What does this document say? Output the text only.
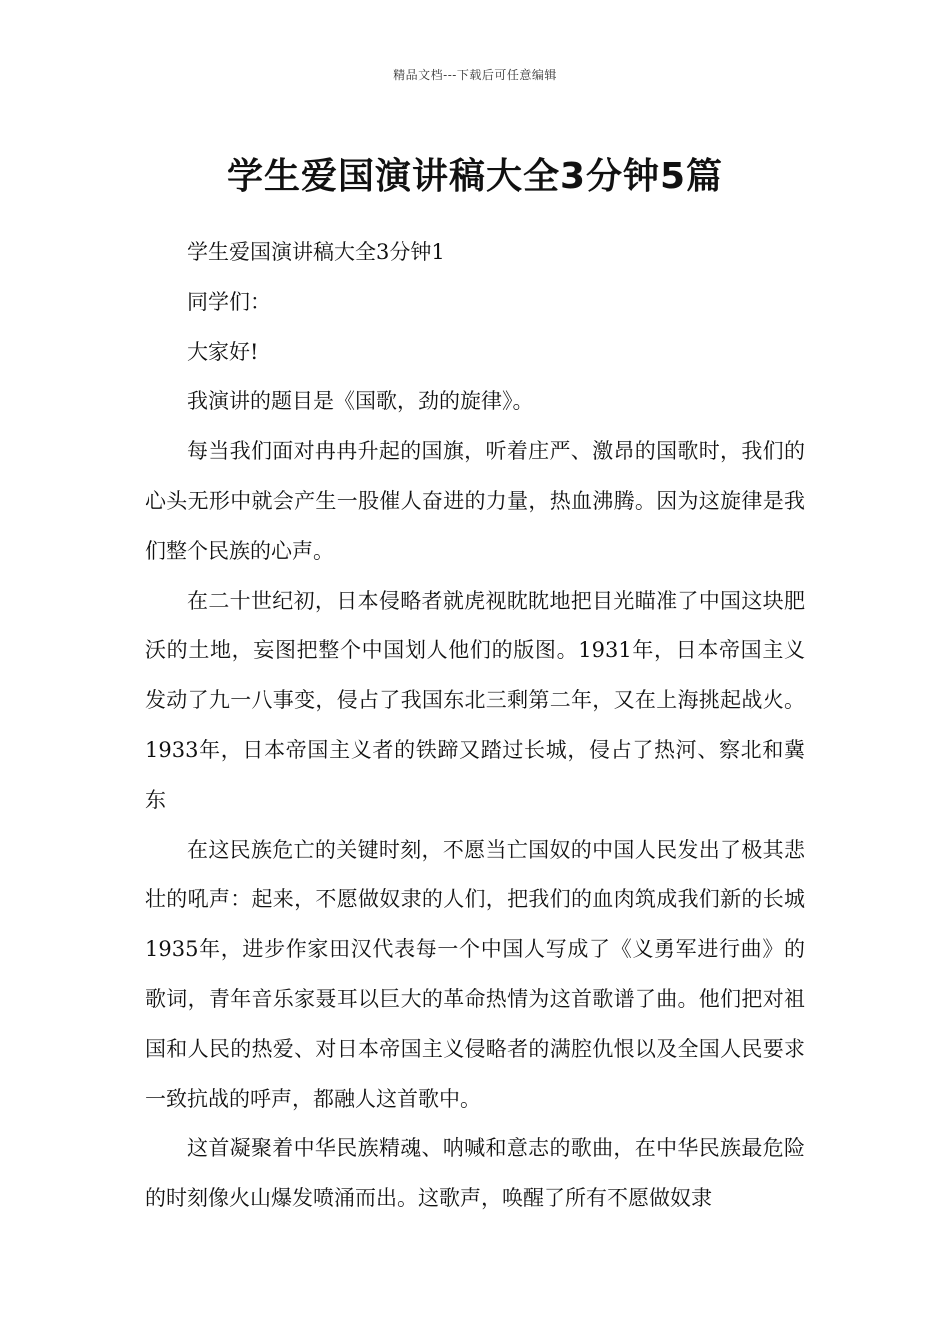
精品文档---下载后可任意编辑
学生爱国演讲稿大全3分钟5篇

学生爱国演讲稿大全3分钟1

同学们：

大家好!

我演讲的题目是《国歌，劲的旋律》。

每当我们面对冉冉升起的国旗，听着庄严、激昂的国歌时，我们的心头无形中就会产生一股催人奋进的力量，热血沸腾。因为这旋律是我们整个民族的心声。

在二十世纪初，日本侵略者就虎视眈眈地把目光瞄准了中国这块肥沃的土地，妄图把整个中国划人他们的版图。1931年，日本帝国主义发动了九一八事变，侵占了我国东北三剩第二年，又在上海挑起战火。1933年，日本帝国主义者的铁蹄又踏过长城，侵占了热河、察北和冀东

在这民族危亡的关键时刻，不愿当亡国奴的中国人民发出了极其悲壮的吼声：起来，不愿做奴隶的人们，把我们的血肉筑成我们新的长城1935年，进步作家田汉代表每一个中国人写成了《义勇军进行曲》的歌词，青年音乐家聂耳以巨大的革命热情为这首歌谱了曲。他们把对祖国和人民的热爱、对日本帝国主义侵略者的满腔仇恨以及全国人民要求一致抗战的呼声，都融人这首歌中。

这首凝聚着中华民族精魂、呐喊和意志的歌曲，在中华民族最危险的时刻像火山爆发喷涌而出。这歌声，唤醒了所有不愿做奴隶
